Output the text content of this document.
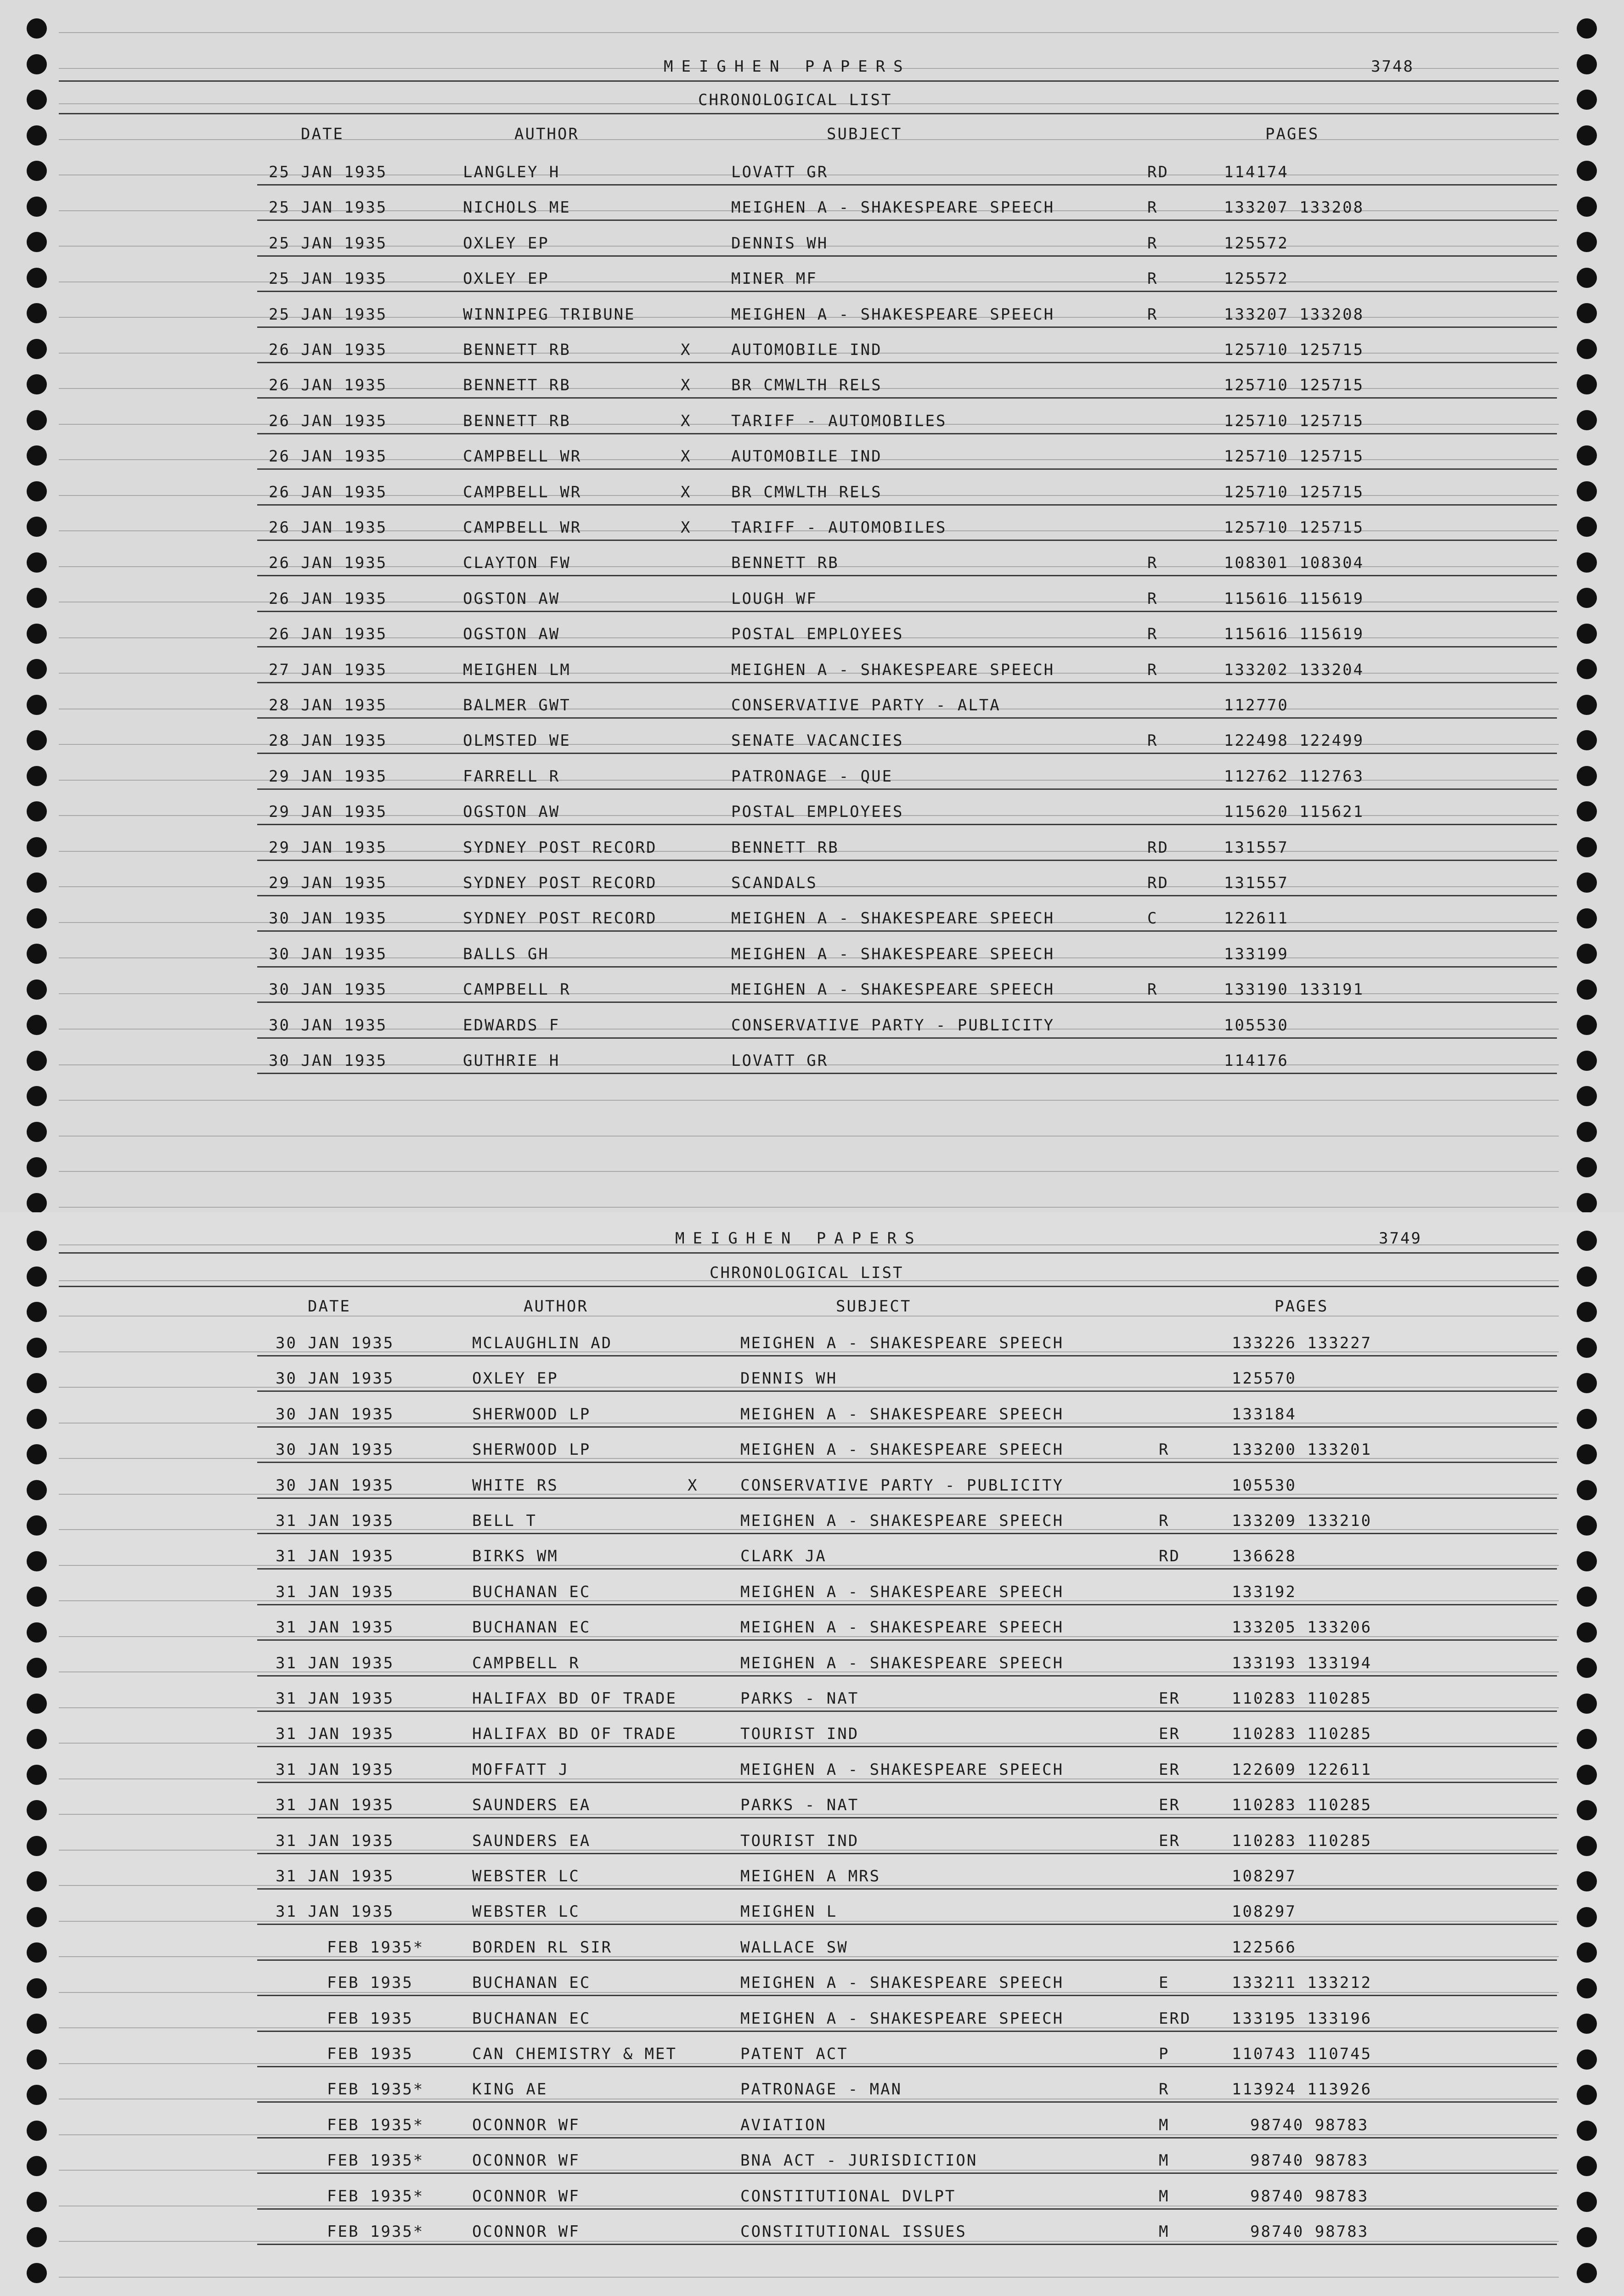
MEIGHEN PAPERS	3748
CHRONOLOGICAL LIST
DATE	AUTHOR	SUBJECT	PAGES
25 JAN 1935	LANGLEY H	LOVATT GR	RD	114174
25 JAN 1935	NICHOLS ME	MEIGHEN A - SHAKESPEARE SPEECH	R	133207 133208
25 JAN 1935	OXLEY EP	DENNIS WH	R	125572
25 JAN 1935	OXLEY EP	MINER MF	R	125572
25 JAN 1935	WINNIPEG TRIBUNE	MEIGHEN A - SHAKESPEARE SPEECH	R	133207 133208
26 JAN 1935	BENNETT RB	X	AUTOMOBILE IND	125710 125715
26 JAN 1935	BENNETT RB	X	BR CMWLTH RELS	125710 125715
26 JAN 1935	BENNETT RB	X	TARIFF - AUTOMOBILES	125710 125715
26 JAN 1935	CAMPBELL WR	X	AUTOMOBILE IND	125710 125715
26 JAN 1935	CAMPBELL WR	X	BR CMWLTH RELS	125710 125715
26 JAN 1935	CAMPBELL WR	X	TARIFF - AUTOMOBILES	125710 125715
26 JAN 1935	CLAYTON FW	BENNETT RB	R	108301 108304
26 JAN 1935	OGSTON AW	LOUGH WF	R	115616 115619
26 JAN 1935	OGSTON AW	POSTAL EMPLOYEES	R	115616 115619
27 JAN 1935	MEIGHEN LM	MEIGHEN A - SHAKESPEARE SPEECH	R	133202 133204
28 JAN 1935	BALMER GWT	CONSERVATIVE PARTY - ALTA	112770
28 JAN 1935	OLMSTED WE	SENATE VACANCIES	R	122498 122499
29 JAN 1935	FARRELL R	PATRONAGE - QUE	112762 112763
29 JAN 1935	OGSTON AW	POSTAL EMPLOYEES	115620 115621
29 JAN 1935	SYDNEY POST RECORD	BENNETT RB	RD	131557
29 JAN 1935	SYDNEY POST RECORD	SCANDALS	RD	131557
30 JAN 1935	SYDNEY POST RECORD	MEIGHEN A - SHAKESPEARE SPEECH	C	122611
30 JAN 1935	BALLS GH	MEIGHEN A - SHAKESPEARE SPEECH	133199
30 JAN 1935	CAMPBELL R	MEIGHEN A - SHAKESPEARE SPEECH	R	133190 133191
30 JAN 1935	EDWARDS F	CONSERVATIVE PARTY - PUBLICITY	105530
30 JAN 1935	GUTHRIE H	LOVATT GR	114176
MEIGHEN PAPERS	3749
CHRONOLOGICAL LIST
DATE	AUTHOR	SUBJECT	PAGES
30 JAN 1935	MCLAUGHLIN AD	MEIGHEN A - SHAKESPEARE SPEECH	133226 133227
30 JAN 1935	OXLEY EP	DENNIS WH	125570
30 JAN 1935	SHERWOOD LP	MEIGHEN A - SHAKESPEARE SPEECH	133184
30 JAN 1935	SHERWOOD LP	MEIGHEN A - SHAKESPEARE SPEECH	R	133200 133201
30 JAN 1935	WHITE RS	X	CONSERVATIVE PARTY - PUBLICITY	105530
31 JAN 1935	BELL T	MEIGHEN A - SHAKESPEARE SPEECH	R	133209 133210
31 JAN 1935	BIRKS WM	CLARK JA	RD	136628
31 JAN 1935	BUCHANAN EC	MEIGHEN A - SHAKESPEARE SPEECH	133192
31 JAN 1935	BUCHANAN EC	MEIGHEN A - SHAKESPEARE SPEECH	133205 133206
31 JAN 1935	CAMPBELL R	MEIGHEN A - SHAKESPEARE SPEECH	133193 133194
31 JAN 1935	HALIFAX BD OF TRADE	PARKS - NAT	ER	110283 110285
31 JAN 1935	HALIFAX BD OF TRADE	TOURIST IND	ER	110283 110285
31 JAN 1935	MOFFATT J	MEIGHEN A - SHAKESPEARE SPEECH	ER	122609 122611
31 JAN 1935	SAUNDERS EA	PARKS - NAT	ER	110283 110285
31 JAN 1935	SAUNDERS EA	TOURIST IND	ER	110283 110285
31 JAN 1935	WEBSTER LC	MEIGHEN A MRS	108297
31 JAN 1935	WEBSTER LC	MEIGHEN L	108297
FEB 1935*	BORDEN RL SIR	WALLACE SW	122566
FEB 1935	BUCHANAN EC	MEIGHEN A - SHAKESPEARE SPEECH	E	133211 133212
FEB 1935	BUCHANAN EC	MEIGHEN A - SHAKESPEARE SPEECH	ERD	133195 133196
FEB 1935	CAN CHEMISTRY & MET	PATENT ACT	P	110743 110745
FEB 1935*	KING AE	PATRONAGE - MAN	R	113924 113926
FEB 1935*	OCONNOR WF	AVIATION	M	98740 98783
FEB 1935*	OCONNOR WF	BNA ACT - JURISDICTION	M	98740 98783
FEB 1935*	OCONNOR WF	CONSTITUTIONAL DVLPT	M	98740 98783
FEB 1935*	OCONNOR WF	CONSTITUTIONAL ISSUES	M	98740 98783
